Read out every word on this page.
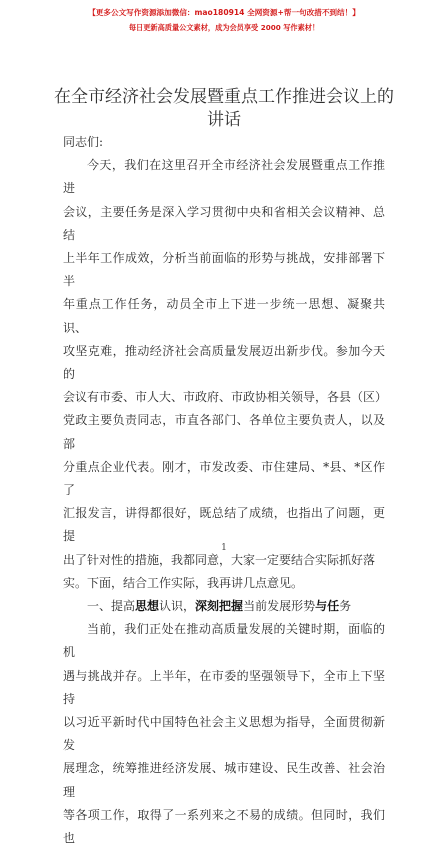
【更多公文写作资源添加微信：mao180914 全网资源+帮一句改措不到结！】
每日更新高质量公文素材，成为会员享受 2000 写作素材！
在全市经济社会发展暨重点工作推进会议上的
讲话

同志们:

今天，我们在这里召开全市经济社会发展暨重点工作推进
会议，主要任务是深入学习贯彻中央和省相关会议精神、总结
上半年工作成效，分析当前面临的形势与挑战，安排部署下半
年重点工作任务，动员全市上下进一步统一思想、凝聚共识、
攻坚克难，推动经济社会高质量发展迈出新步伐。参加今天的
会议有市委、市人大、市政府、市政协相关领导，各县（区）
党政主要负责同志，市直各部门、各单位主要负责人，以及部
分重点企业代表。刚才，市发改委、市住建局、*县、*区作了
汇报发言，讲得都很好，既总结了成绩，也指出了问题，更提
出了针对性的措施，我都同意，大家一定要结合实际抓好落
实。下面，结合工作实际，我再讲几点意见。

一、提高思想认识，深刻把握当前发展形势与任务

当前，我们正处在推动高质量发展的关键时期，面临的机
遇与挑战并存。上半年，在市委的坚强领导下，全市上下坚持
以习近平新时代中国特色社会主义思想为指导，全面贯彻新发
展理念，统筹推进经济发展、城市建设、民生改善、社会治理
等各项工作，取得了一系列来之不易的成绩。但同时，我们也
1
